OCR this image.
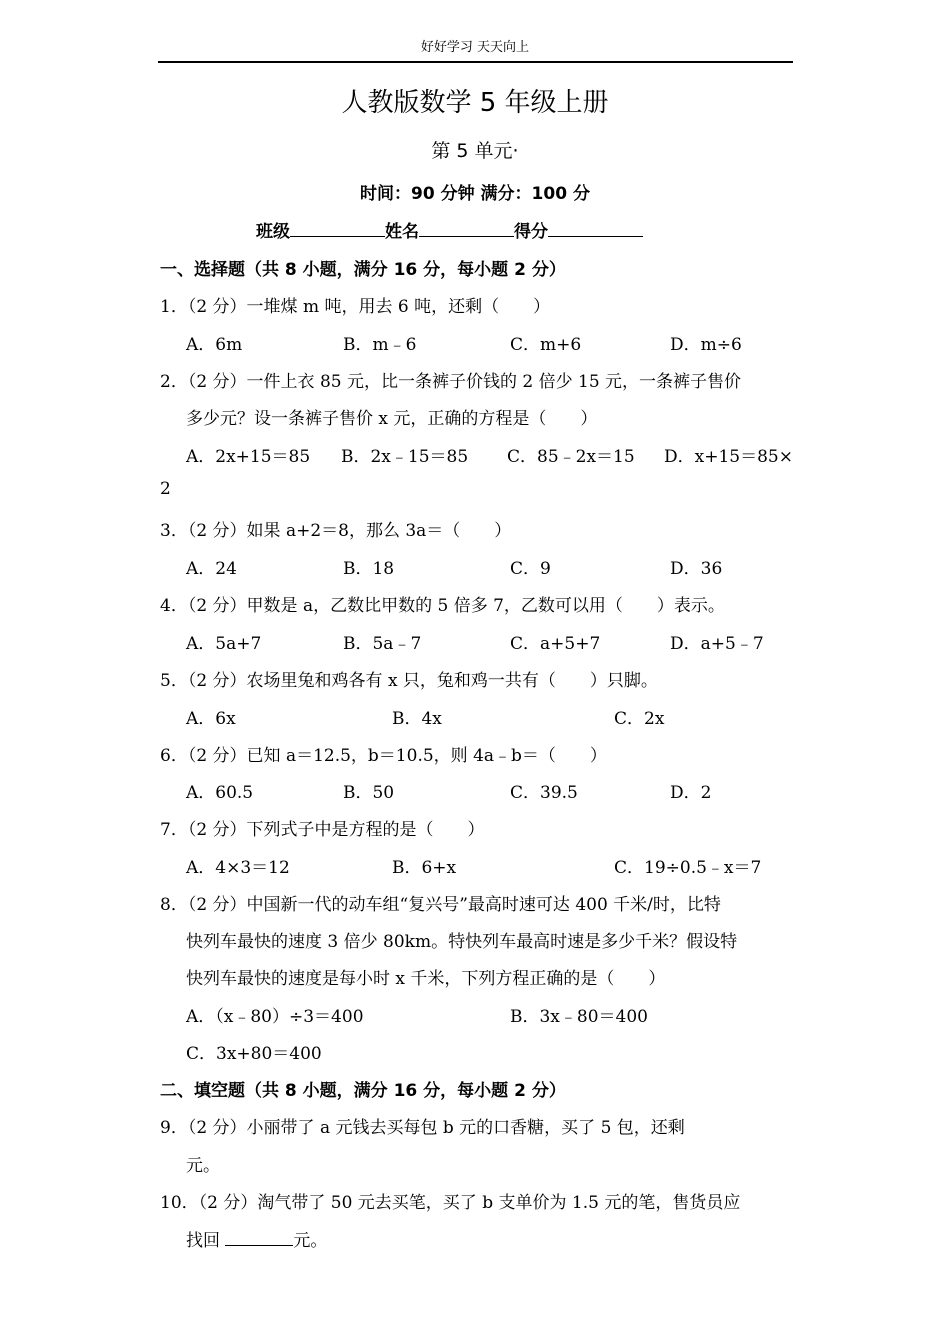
好好学习 天天向上
人教版数学 5 年级上册
第 5 单元·
时间：90 分钟 满分：100 分
班级	姓名	得分
一、选择题（共 8 小题，满分 16 分，每小题 2 分）
1．（2 分）一堆煤 m 吨，用去 6 吨，还剩（　　）
A．6m	B．m﹣6	C．m+6	D．m÷6
2．（2 分）一件上衣 85 元，比一条裤子价钱的 2 倍少 15 元，一条裤子售价
多少元？设一条裤子售价 x 元，正确的方程是（　　）
A．2x+15＝85 B．2x﹣15＝85 C．85﹣2x＝15 D．x+15＝85×
2
3．（2 分）如果 a+2＝8，那么 3a＝（　　）
A．24	B．18	C．9	D．36
4．（2 分）甲数是 a，乙数比甲数的 5 倍多 7，乙数可以用（　　）表示。
A．5a+7	B．5a﹣7	C．a+5+7	D．a+5﹣7
5．（2 分）农场里兔和鸡各有 x 只，兔和鸡一共有（　　）只脚。
A．6x	B．4x	C．2x
6．（2 分）已知 a＝12.5，b＝10.5，则 4a﹣b＝（　　）
A．60.5	B．50	C．39.5	D．2
7．（2 分）下列式子中是方程的是（　　）
A．4×3＝12	B．6+x	C．19÷0.5﹣x＝7
8．（2 分）中国新一代的动车组“复兴号”最高时速可达 400 千米/时，比特
快列车最快的速度 3 倍少 80km。特快列车最高时速是多少千米？假设特
快列车最快的速度是每小时 x 千米，下列方程正确的是（　　）
A．（x﹣80）÷3＝400	B．3x﹣80＝400
C．3x+80＝400
二、填空题（共 8 小题，满分 16 分，每小题 2 分）
9．（2 分）小丽带了 a 元钱去买每包 b 元的口香糖，买了 5 包，还剩
元。
10．（2 分）淘气带了 50 元去买笔，买了 b 支单价为 1.5 元的笔，售货员应
找回	元。
